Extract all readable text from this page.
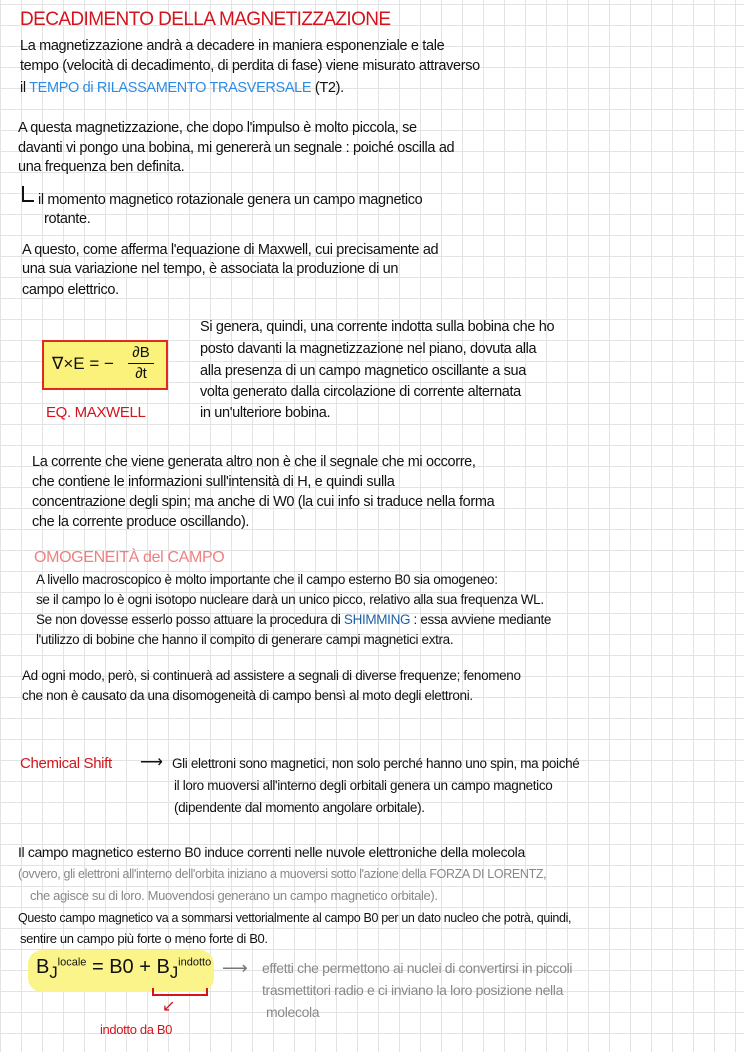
DECADIMENTO DELLA MAGNETIZZAZIONE
La magnetizzazione andrà a decadere in maniera esponenziale e tale
tempo (velocità di decadimento, di perdita di fase) viene misurato attraverso
il TEMPO di RILASSAMENTO TRASVERSALE (T2).
A questa magnetizzazione, che dopo l'impulso è molto piccola, se
davanti vi pongo una bobina, mi genererà un segnale : poiché oscilla ad
una frequenza ben definita.
il momento magnetico rotazionale genera un campo magnetico
rotante.
A questo, come afferma l'equazione di Maxwell, cui precisamente ad
una sua variazione nel tempo, è associata la produzione di un
campo elettrico.
∇×E = −
∂B
∂t
EQ. MAXWELL
Si genera, quindi, una corrente indotta sulla bobina che ho
posto davanti la magnetizzazione nel piano, dovuta alla
alla presenza di un campo magnetico oscillante a sua
volta generato dalla circolazione di corrente alternata
in un'ulteriore bobina.
La corrente che viene generata altro non è che il segnale che mi occorre,
che contiene le informazioni sull'intensità di H, e quindi sulla
concentrazione degli spin; ma anche di W0 (la cui info si traduce nella forma
che la corrente produce oscillando).
OMOGENEITÀ del CAMPO
A livello macroscopico è molto importante che il campo esterno B0 sia omogeneo:
se il campo lo è ogni isotopo nucleare darà un unico picco, relativo alla sua frequenza WL.
Se non dovesse esserlo posso attuare la procedura di SHIMMING : essa avviene mediante
l'utilizzo di bobine che hanno il compito di generare campi magnetici extra.
Ad ogni modo, però, si continuerà ad assistere a segnali di diverse frequenze; fenomeno
che non è causato da una disomogeneità di campo bensì al moto degli elettroni.
Chemical Shift ⟶ Gli elettroni sono magnetici, non solo perché hanno uno spin, ma poiché
il loro muoversi all'interno degli orbitali genera un campo magnetico
(dipendente dal momento angolare orbitale).
Il campo magnetico esterno B0 induce correnti nelle nuvole elettroniche della molecola
(ovvero, gli elettroni all'interno dell'orbita iniziano a muoversi sotto l'azione della FORZA DI LORENTZ,
che agisce su di loro. Muovendosi generano un campo magnetico orbitale).
Questo campo magnetico va a sommarsi vettorialmente al campo B0 per un dato nucleo che potrà, quindi,
sentire un campo più forte o meno forte di B0.
$B_J^{locale} = B0 + B_J^{indotto}$
↙
indotto da B0
⟶ effetti che permettono ai nuclei di convertirsi in piccoli
trasmettitori radio e ci inviano la loro posizione nella
molecola
